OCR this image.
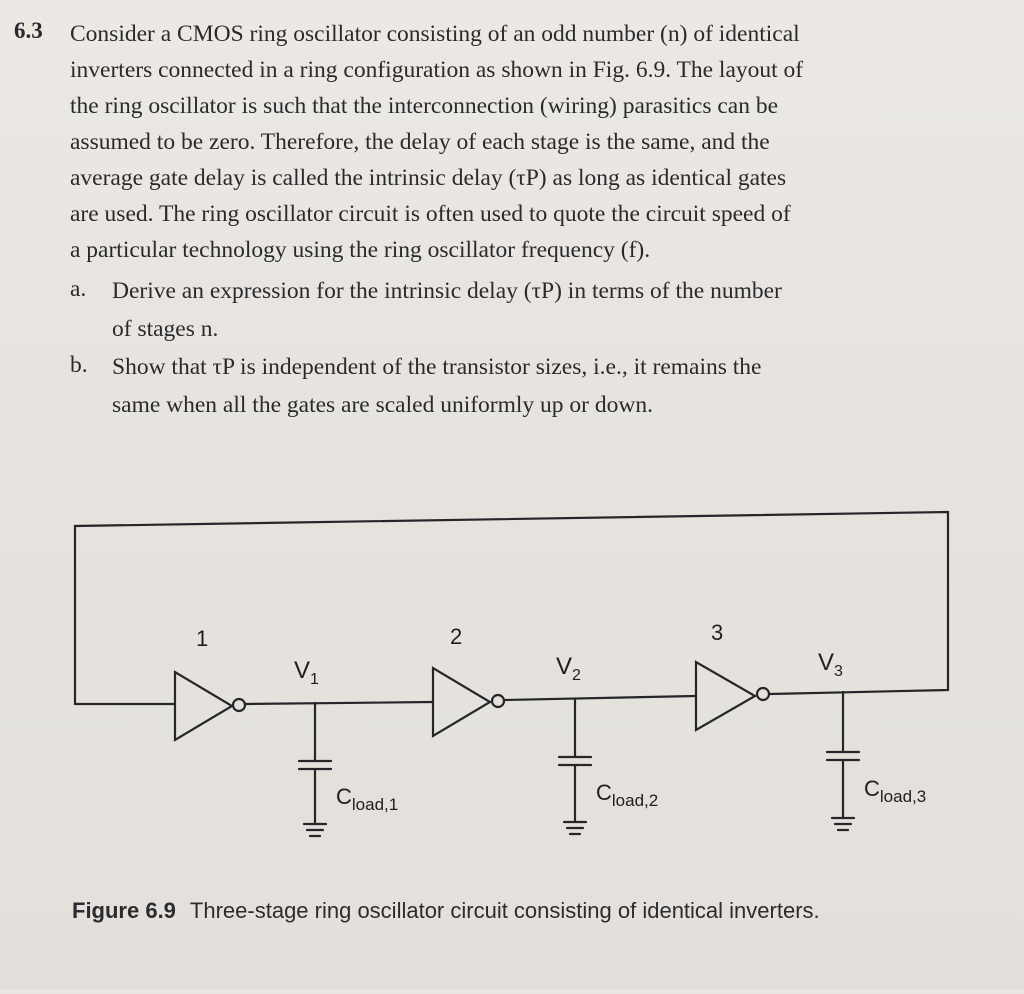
6.3 Consider a CMOS ring oscillator consisting of an odd number (n) of identical
inverters connected in a ring configuration as shown in Fig. 6.9. The layout of
the ring oscillator is such that the interconnection (wiring) parasitics can be
assumed to be zero. Therefore, the delay of each stage is the same, and the
average gate delay is called the intrinsic delay (τP) as long as identical gates
are used. The ring oscillator circuit is often used to quote the circuit speed of
a particular technology using the ring oscillator frequency (f).
a. Derive an expression for the intrinsic delay (τP) in terms of the number
of stages n.
b. Show that τP is independent of the transistor sizes, i.e., it remains the
same when all the gates are scaled uniformly up or down.
1	2	3
$V_1$	$V_2$	$V_3$
$C_{load,1}$	$C_{load,2}$	$C_{load,3}$
Figure 6.9 Three-stage ring oscillator circuit consisting of identical inverters.
